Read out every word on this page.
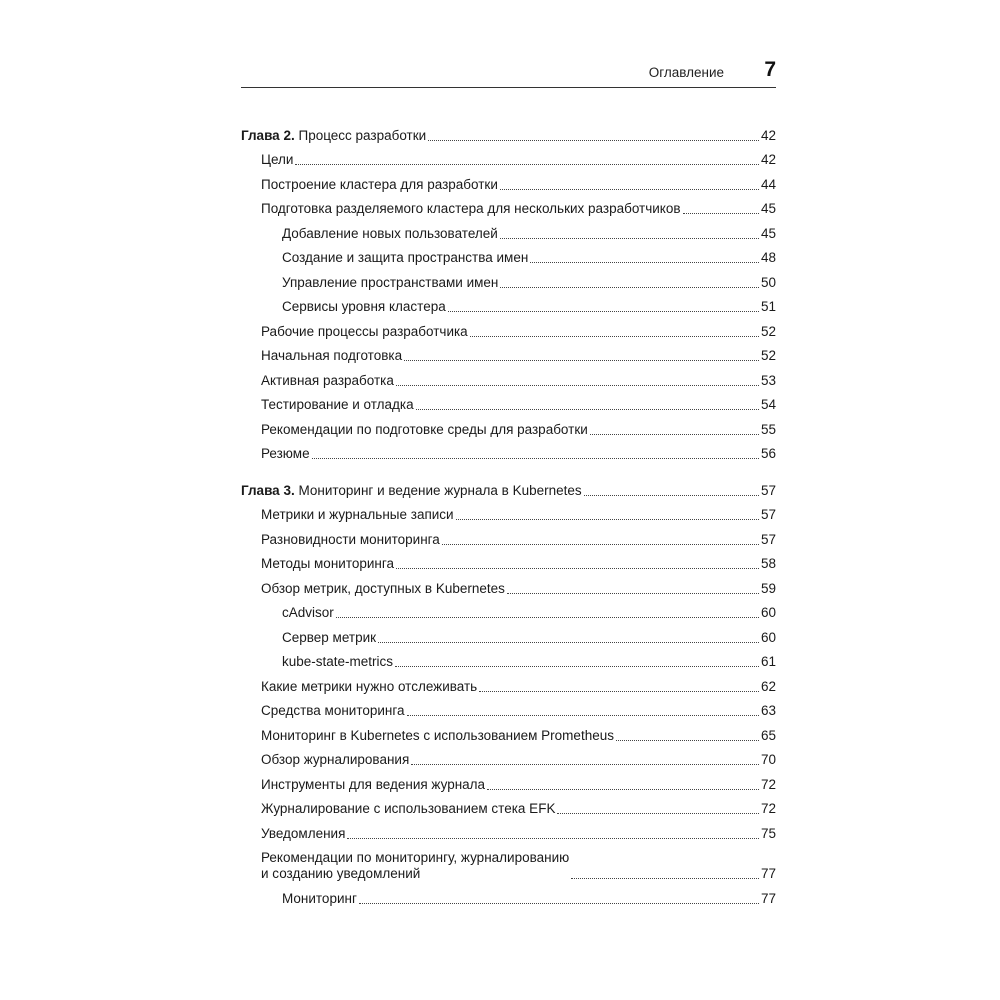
Оглавление 7
Глава 2. Процесс разработки	42
Цели	42
Построение кластера для разработки	44
Подготовка разделяемого кластера для нескольких разработчиков	45
Добавление новых пользователей	45
Создание и защита пространства имен	48
Управление пространствами имен	50
Сервисы уровня кластера	51
Рабочие процессы разработчика	52
Начальная подготовка	52
Активная разработка	53
Тестирование и отладка	54
Рекомендации по подготовке среды для разработки	55
Резюме	56
Глава 3. Мониторинг и ведение журнала в Kubernetes	57
Метрики и журнальные записи	57
Разновидности мониторинга	57
Методы мониторинга	58
Обзор метрик, доступных в Kubernetes	59
cAdvisor	60
Сервер метрик	60
kube-state-metrics	61
Какие метрики нужно отслеживать	62
Средства мониторинга	63
Мониторинг в Kubernetes с использованием Prometheus	65
Обзор журналирования	70
Инструменты для ведения журнала	72
Журналирование с использованием стека EFK	72
Уведомления	75
Рекомендации по мониторингу, журналированию
и созданию уведомлений	77
Мониторинг	77
